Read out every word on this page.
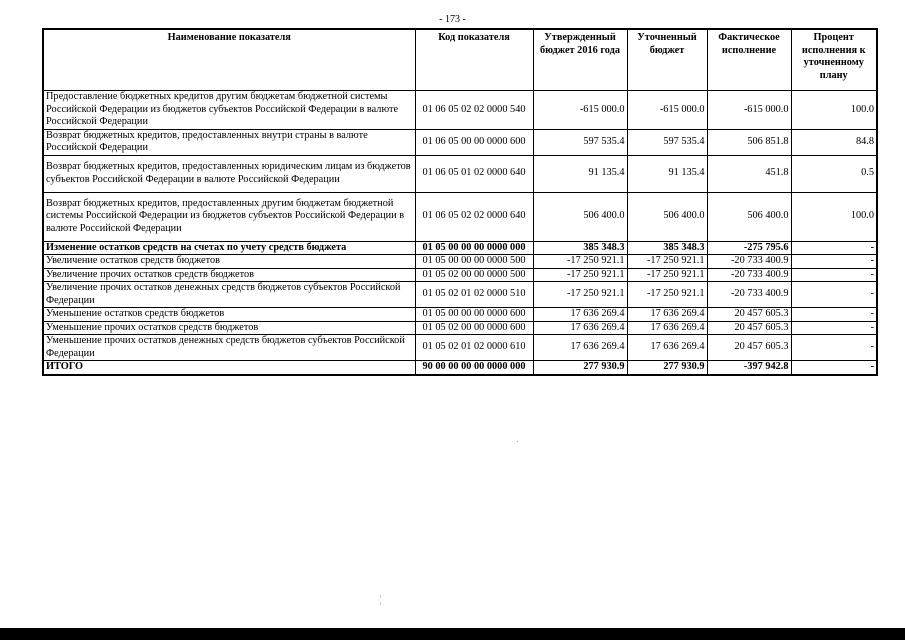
- 173 -
Наименование показателя	Код показателя	Утвержденный бюджет 2016 года	Уточненный бюджет	Фактическое исполнение	Процент исполнения к уточненному плану
Предоставление бюджетных кредитов другим бюджетам бюджетной системы Российской Федерации из бюджетов субъектов Российской Федерации в валюте Российской Федерации	01 06 05 02 02 0000 540	-615 000.0	-615 000.0	-615 000.0	100.0
Возврат бюджетных кредитов, предоставленных внутри страны в валюте Российской Федерации	01 06 05 00 00 0000 600	597 535.4	597 535.4	506 851.8	84.8
Возврат бюджетных кредитов, предоставленных юридическим лицам из бюджетов субъектов Российской Федерации в валюте Российской Федерации	01 06 05 01 02 0000 640	91 135.4	91 135.4	451.8	0.5
Возврат бюджетных кредитов, предоставленных другим бюджетам бюджетной системы Российской Федерации из бюджетов субъектов Российской Федерации в валюте Российской Федерации	01 06 05 02 02 0000 640	506 400.0	506 400.0	506 400.0	100.0
Изменение остатков средств на счетах по учету средств бюджета	01 05 00 00 00 0000 000	385 348.3	385 348.3	-275 795.6	-
Увеличение остатков средств бюджетов	01 05 00 00 00 0000 500	-17 250 921.1	-17 250 921.1	-20 733 400.9	-
Увеличение прочих остатков средств бюджетов	01 05 02 00 00 0000 500	-17 250 921.1	-17 250 921.1	-20 733 400.9	-
Увеличение прочих остатков денежных средств бюджетов субъектов Российской Федерации	01 05 02 01 02 0000 510	-17 250 921.1	-17 250 921.1	-20 733 400.9	-
Уменьшение остатков средств бюджетов	01 05 00 00 00 0000 600	17 636 269.4	17 636 269.4	20 457 605.3	-
Уменьшение прочих остатков средств бюджетов	01 05 02 00 00 0000 600	17 636 269.4	17 636 269.4	20 457 605.3	-
Уменьшение прочих остатков денежных средств бюджетов субъектов Российской Федерации	01 05 02 01 02 0000 610	17 636 269.4	17 636 269.4	20 457 605.3	-
ИТОГО	90 00 00 00 00 0000 000	277 930.9	277 930.9	-397 942.8	-
